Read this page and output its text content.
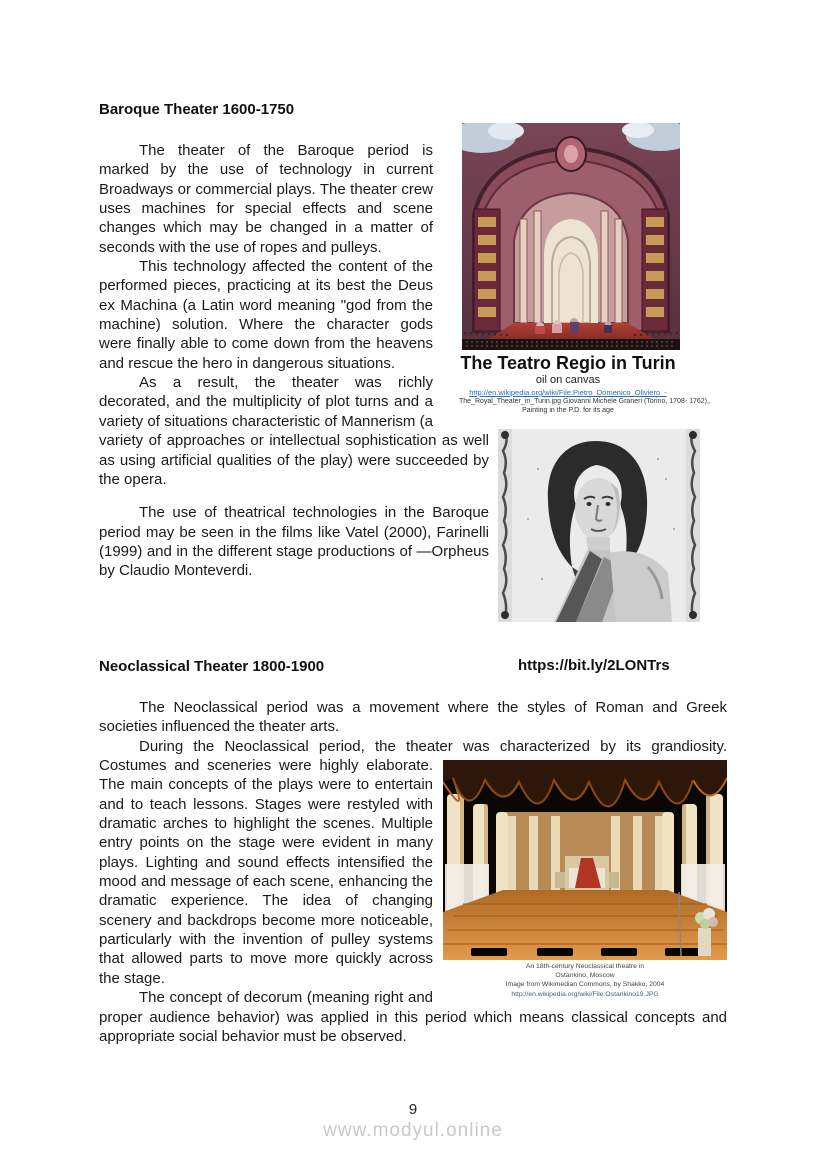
Baroque Theater 1600-1750
The Teatro Regio in Turin
oil on canvas
http://en.wikipedia.org/wiki/File:Pietro_Domenico_Oliviero_-
The_Royal_Theater_in_Turin.jpg Giovanni Michele Graneri (Torino, 1708- 1762),,
Painting in the P.D. for its age

The theater of the Baroque period is marked by the use of technology in current Broadways or commercial plays. The theater crew uses machines for special effects and scene changes which may be changed in a matter of seconds with the use of ropes and pulleys.

This technology affected the content of the performed pieces, practicing at its best the Deus ex Machina (a Latin word meaning "god from the machine) solution. Where the character gods were finally able to come down from the heavens and rescue the hero in dangerous situations.

As a result, the theater was richly decorated, and the multiplicity of plot turns and a variety of situations characteristic of Mannerism (a variety of approaches or intellectual sophistication as well as using artificial qualities of the play) were succeeded by the opera.

The use of theatrical technologies in the Baroque period may be seen in the films like Vatel (2000), Farinelli (1999) and in the different stage productions of —Orpheus by Claudio Monteverdi.

Neoclassical Theater 1800-1900	https://bit.ly/2LONTrs

The Neoclassical period was a movement where the styles of Roman and Greek societies influenced the theater arts.

During the Neoclassical period, the theater was characterized by its grandiosity.

An 18th-century Neoclassical theatre in
Ostankino, Moscow
Image from Wikimedian Commons, by Shakko, 2004
http://en.wikipedia.org/wiki/File:Ostankino19.JPG

Costumes and sceneries were highly elaborate. The main concepts of the plays were to entertain and to teach lessons. Stages were restyled with dramatic arches to highlight the scenes. Multiple entry points on the stage were evident in many plays. Lighting and sound effects intensified the mood and message of each scene, enhancing the dramatic experience. The idea of changing scenery and backdrops become more noticeable, particularly with the invention of pulley systems that allowed parts to move more quickly across the stage.

The concept of decorum (meaning right and proper audience behavior) was applied in this period which means classical concepts and appropriate social behavior must be observed.

9
www.modyul.online
